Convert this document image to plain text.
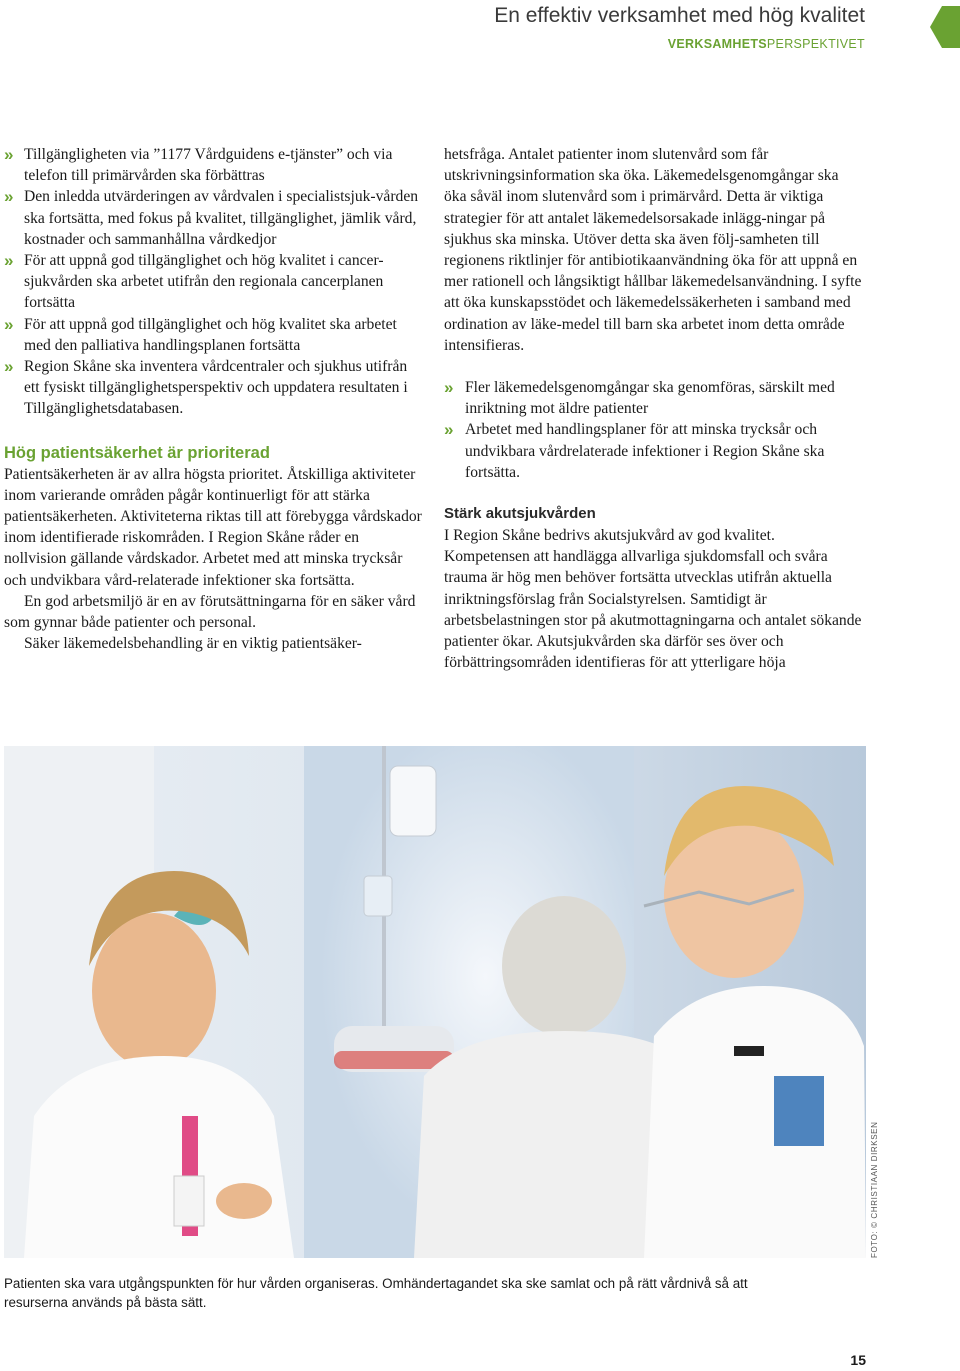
En effektiv verksamhet med hög kvalitet
VERKSAMHETSPERSPEKTIVET
» Tillgängligheten via ”1177 Vårdguidens e-tjänster” och via telefon till primärvården ska förbättras
» Den inledda utvärderingen av vårdvalen i specialistsjuk-vården ska fortsätta, med fokus på kvalitet, tillgänglighet, jämlik vård, kostnader och sammanhållna vårdkedjor
» För att uppnå god tillgänglighet och hög kvalitet i cancer-sjukvården ska arbetet utifrån den regionala cancerplanen fortsätta
» För att uppnå god tillgänglighet och hög kvalitet ska arbetet med den palliativa handlingsplanen fortsätta
» Region Skåne ska inventera vårdcentraler och sjukhus utifrån ett fysiskt tillgänglighetsperspektiv och uppdatera resultaten i Tillgänglighetsdatabasen.
Hög patientsäkerhet är prioriterad

Patientsäkerheten är av allra högsta prioritet. Åtskilliga aktiviteter inom varierande områden pågår kontinuerligt för att stärka patientsäkerheten. Aktiviteterna riktas till att förebygga vårdskador inom identifierade riskområden. I Region Skåne råder en nollvision gällande vårdskador. Arbetet med att minska trycksår och undvikbara vård-relaterade infektioner ska fortsätta.

En god arbetsmiljö är en av förutsättningarna för en säker vård som gynnar både patienter och personal.

Säker läkemedelsbehandling är en viktig patientsäker-

hetsfråga. Antalet patienter inom slutenvård som får utskrivningsinformation ska öka. Läkemedelsgenomgångar ska öka såväl inom slutenvård som i primärvård. Detta är viktiga strategier för att antalet läkemedelsorsakade inlägg-ningar på sjukhus ska minska. Utöver detta ska även följ-samheten till regionens riktlinjer för antibiotikaanvändning öka för att uppnå en mer rationell och långsiktigt hållbar läkemedelsanvändning. I syfte att öka kunskapsstödet och läkemedelssäkerheten i samband med ordination av läke-medel till barn ska arbetet inom detta område intensifieras.

» Fler läkemedelsgenomgångar ska genomföras, särskilt med inriktning mot äldre patienter
» Arbetet med handlingsplaner för att minska trycksår och undvikbara vårdrelaterade infektioner i Region Skåne ska fortsätta.
Stärk akutsjukvården

I Region Skåne bedrivs akutsjukvård av god kvalitet. Kompetensen att handlägga allvarliga sjukdomsfall och svåra trauma är hög men behöver fortsätta utvecklas utifrån aktuella inriktningsförslag från Socialstyrelsen. Samtidigt är arbetsbelastningen stor på akutmottagningarna och antalet sökande patienter ökar. Akutsjukvården ska därför ses över och förbättringsområden identifieras för att ytterligare höja

FOTO: © CHRISTIAAN DIRKSEN
Patienten ska vara utgångspunkten för hur vården organiseras. Omhändertagandet ska ske samlat och på rätt vårdnivå så att resurserna används på bästa sätt.
15
